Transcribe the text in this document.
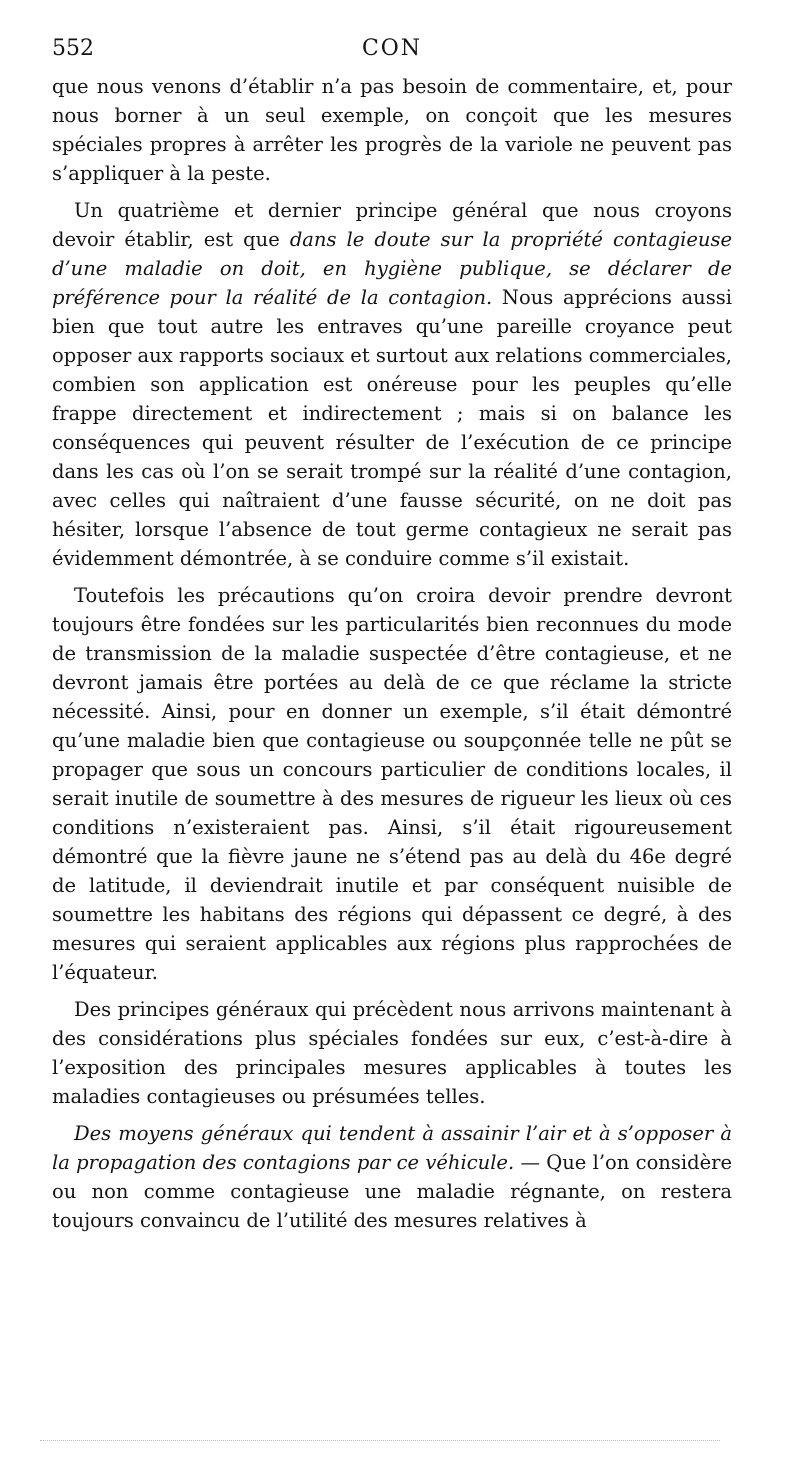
552	CON

que nous venons d’établir n’a pas besoin de commentaire, et, pour nous borner à un seul exemple, on conçoit que les mesures spéciales propres à arrêter les progrès de la variole ne peuvent pas s’appliquer à la peste.

Un quatrième et dernier principe général que nous croyons devoir établir, est que dans le doute sur la propriété contagieuse d’une maladie on doit, en hygiène publique, se déclarer de préférence pour la réalité de la contagion. Nous apprécions aussi bien que tout autre les entraves qu’une pareille croyance peut opposer aux rapports sociaux et surtout aux relations commerciales, combien son application est onéreuse pour les peuples qu’elle frappe directement et indirectement ; mais si on balance les conséquences qui peuvent résulter de l’exécution de ce principe dans les cas où l’on se serait trompé sur la réalité d’une contagion, avec celles qui naîtraient d’une fausse sécurité, on ne doit pas hésiter, lorsque l’absence de tout germe contagieux ne serait pas évidemment démontrée, à se conduire comme s’il existait.

Toutefois les précautions qu’on croira devoir prendre devront toujours être fondées sur les particularités bien reconnues du mode de transmission de la maladie suspectée d’être contagieuse, et ne devront jamais être portées au delà de ce que réclame la stricte nécessité. Ainsi, pour en donner un exemple, s’il était démontré qu’une maladie bien que contagieuse ou soupçonnée telle ne pût se propager que sous un concours particulier de conditions locales, il serait inutile de soumettre à des mesures de rigueur les lieux où ces conditions n’existeraient pas. Ainsi, s’il était rigoureusement démontré que la fièvre jaune ne s’étend pas au delà du 46e degré de latitude, il deviendrait inutile et par conséquent nuisible de soumettre les habitans des régions qui dépassent ce degré, à des mesures qui seraient applicables aux régions plus rapprochées de l’équateur.

Des principes généraux qui précèdent nous arrivons maintenant à des considérations plus spéciales fondées sur eux, c’est-à-dire à l’exposition des principales mesures applicables à toutes les maladies contagieuses ou présumées telles.

Des moyens généraux qui tendent à assainir l’air et à s’opposer à la propagation des contagions par ce véhicule. — Que l’on considère ou non comme contagieuse une maladie régnante, on restera toujours convaincu de l’utilité des mesures relatives à
